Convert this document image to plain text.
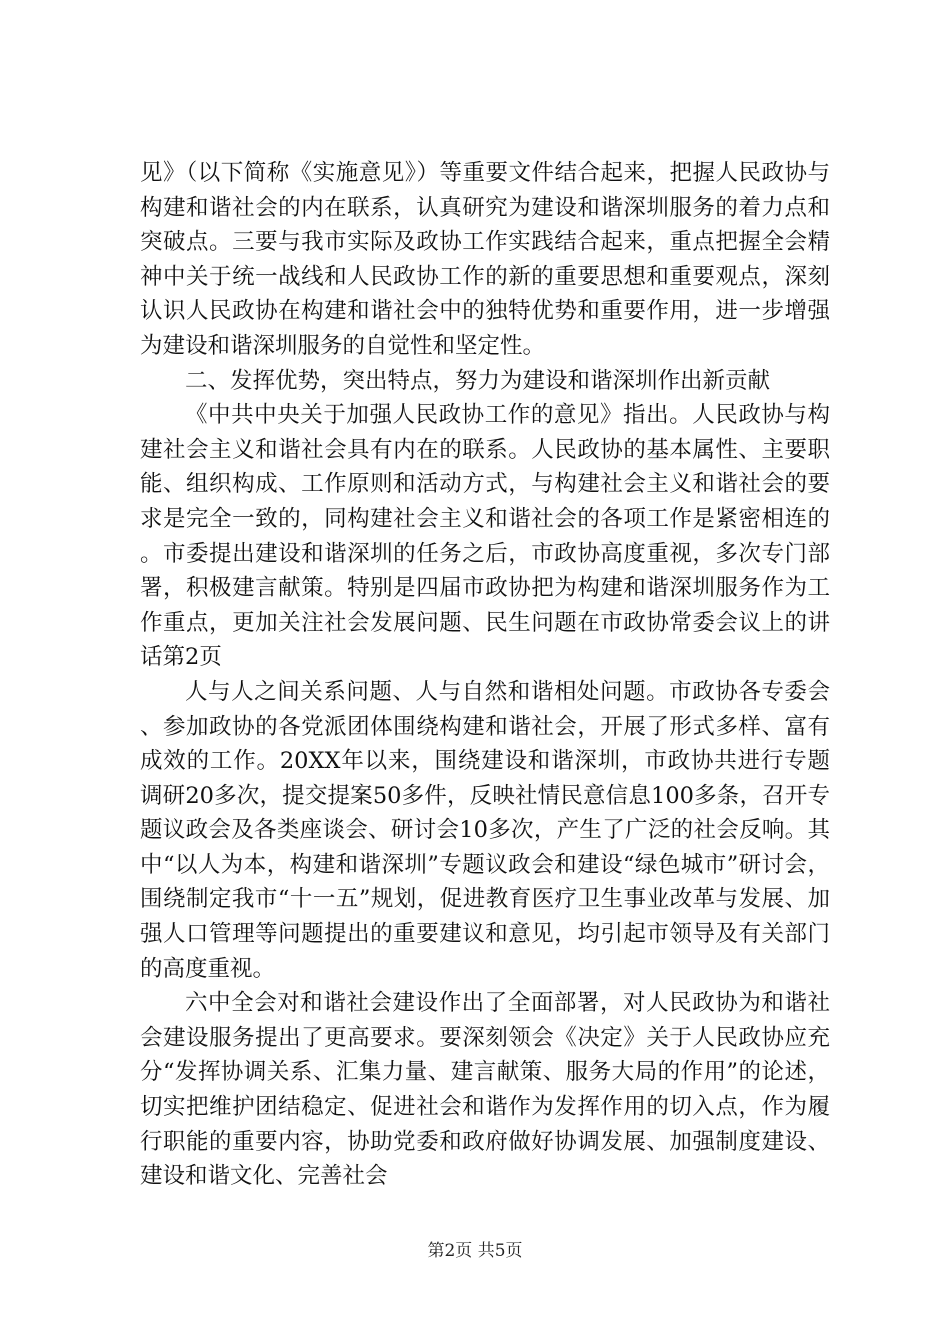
见》（以下简称《实施意见》）等重要文件结合起来，把握人民政协与构建和谐社会的内在联系，认真研究为建设和谐深圳服务的着力点和突破点。三要与我市实际及政协工作实践结合起来，重点把握全会精神中关于统一战线和人民政协工作的新的重要思想和重要观点，深刻认识人民政协在构建和谐社会中的独特优势和重要作用，进一步增强为建设和谐深圳服务的自觉性和坚定性。

二、发挥优势，突出特点，努力为建设和谐深圳作出新贡献

《中共中央关于加强人民政协工作的意见》指出。人民政协与构建社会主义和谐社会具有内在的联系。人民政协的基本属性、主要职能、组织构成、工作原则和活动方式，与构建社会主义和谐社会的要求是完全一致的，同构建社会主义和谐社会的各项工作是紧密相连的。市委提出建设和谐深圳的任务之后，市政协高度重视，多次专门部署，积极建言献策。特别是四届市政协把为构建和谐深圳服务作为工作重点，更加关注社会发展问题、民生问题在市政协常委会议上的讲话第2页

人与人之间关系问题、人与自然和谐相处问题。市政协各专委会、参加政协的各党派团体围绕构建和谐社会，开展了形式多样、富有成效的工作。20XX年以来，围绕建设和谐深圳，市政协共进行专题调研20多次，提交提案50多件，反映社情民意信息100多条，召开专题议政会及各类座谈会、研讨会10多次，产生了广泛的社会反响。其中“以人为本，构建和谐深圳”专题议政会和建设“绿色城市”研讨会，围绕制定我市“十一五”规划，促进教育医疗卫生事业改革与发展、加强人口管理等问题提出的重要建议和意见，均引起市领导及有关部门的高度重视。

六中全会对和谐社会建设作出了全面部署，对人民政协为和谐社会建设服务提出了更高要求。要深刻领会《决定》关于人民政协应充分“发挥协调关系、汇集力量、建言献策、服务大局的作用”的论述，切实把维护团结稳定、促进社会和谐作为发挥作用的切入点，作为履行职能的重要内容，协助党委和政府做好协调发展、加强制度建设、建设和谐文化、完善社会

第2页 共5页
